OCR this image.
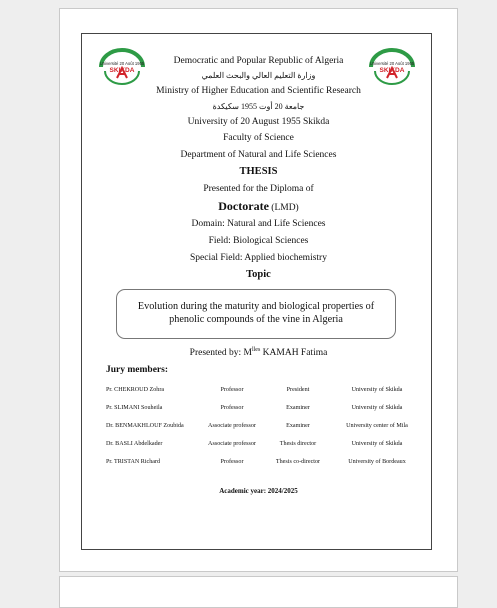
Université 20 Août 1955
SKIKDA
Université 20 Août 1955
SKIKDA
Democratic and Popular Republic of Algeria
وزارة التعليم العالي والبحث العلمي
Ministry of Higher Education and Scientific Research
جامعة 20 أوت 1955 سكيكدة
University of 20 August 1955 Skikda
Faculty of Science
Department of Natural and Life Sciences
THESIS
Presented for the Diploma of
Doctorate (LMD)
Domain: Natural and Life Sciences
Field: Biological Sciences
Special Field: Applied biochemistry
Topic
Evolution during the maturity and biological properties of phenolic compounds of the vine in Algeria
Presented by: $M^{lles}$ KAMAH Fatima
Jury members:
Pr. CHEKROUD Zohra	Professor	President	University of Skikda
Pr. SLIMANI Souheila	Professor	Examiner	University of Skikda
Dr. BENMAKHLOUF Zoubida	Associate professor	Examiner	University center of Mila
Dr. BASLI Abdelkader	Associate professor	Thesis director	University of Skikda
Pr. TRISTAN Richard	Professor	Thesis co-director	University of Bordeaux
Academic year: 2024/2025
